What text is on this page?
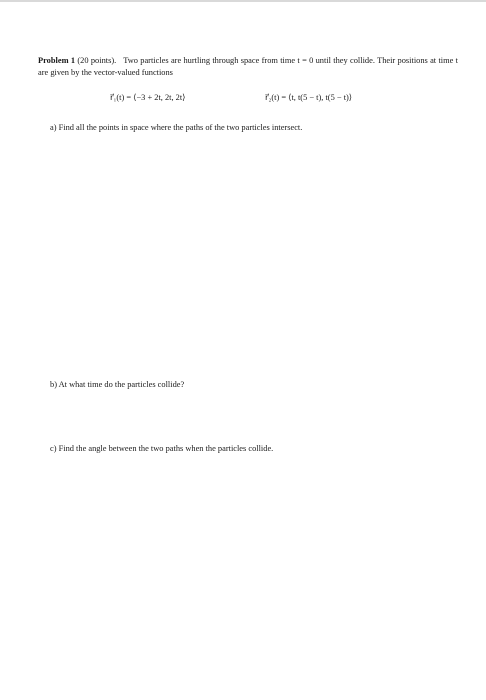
Problem 1 (20 points). Two particles are hurtling through space from time t = 0 until they collide. Their positions at time t are given by the vector-valued functions
r⃗₁(t) = ⟨−3 + 2t, 2t, 2t⟩	r⃗₂(t) = ⟨t, t(5 − t), t(5 − t)⟩
a) Find all the points in space where the paths of the two particles intersect.
b) At what time do the particles collide?
c) Find the angle between the two paths when the particles collide.
